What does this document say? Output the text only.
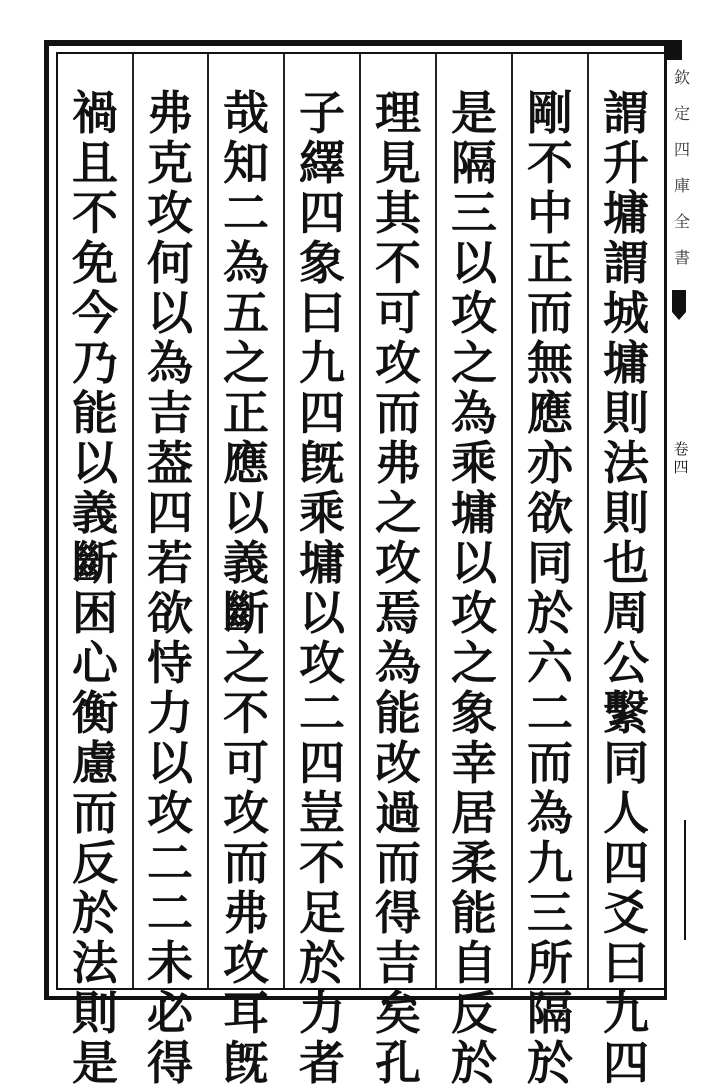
謂
升
墉
謂
城
墉
則
法
則
也
周
公
繫
同
人
四
爻
曰
九
四
剛
不
中
正
而
無
應
亦
欲
同
於
六
二
而
為
九
三
所
隔
於
是
隔
三
以
攻
之
為
乘
墉
以
攻
之
象
幸
居
柔
能
自
反
於
理
見
其
不
可
攻
而
弗
之
攻
焉
為
能
改
過
而
得
吉
矣
孔
子
繹
四
象
曰
九
四
旣
乘
墉
以
攻
二
四
豈
不
足
於
力
者
哉
知
二
為
五
之
正
應
以
義
斷
之
不
可
攻
而
弗
攻
耳
旣
弗
克
攻
何
以
為
吉
葢
四
若
欲
恃
力
以
攻
二
二
未
必
得
禍
且
不
免
今
乃
能
以
義
斷
困
心
衡
慮
而
反
於
法
則
是
欽
定
四
庫
全
書
卷
四
